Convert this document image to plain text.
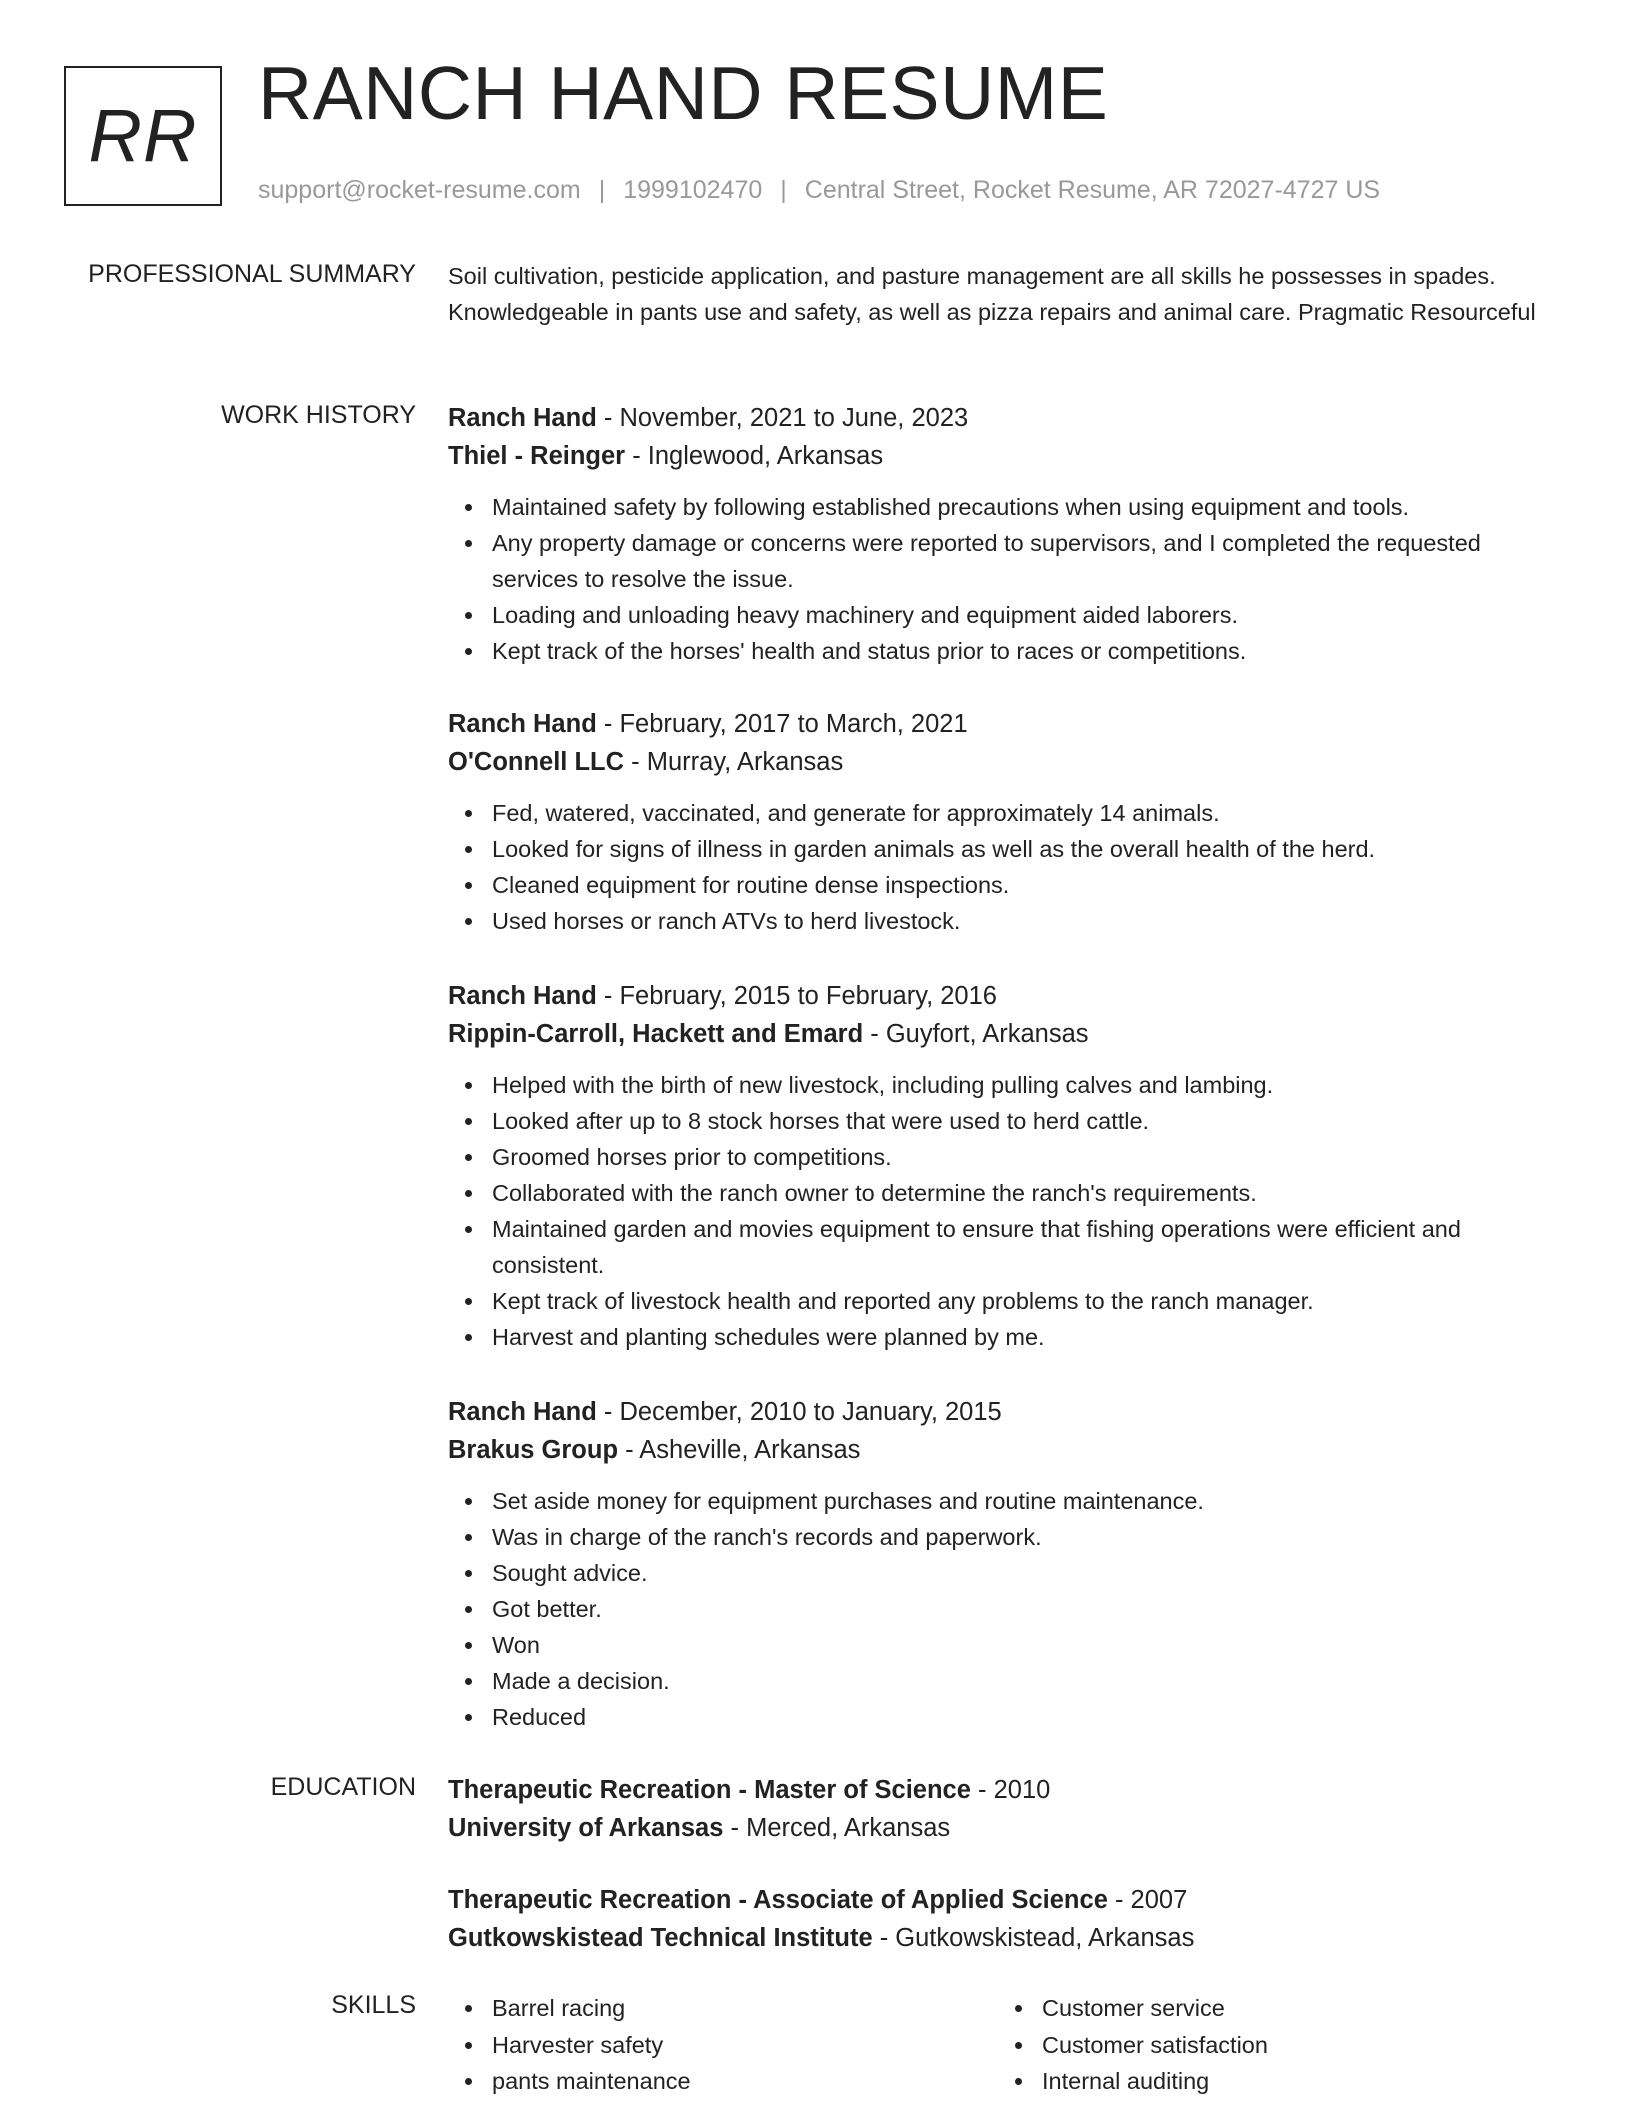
RR
RANCH HAND RESUME
support@rocket-resume.com | 1999102470 | Central Street, Rocket Resume, AR 72027-4727 US
PROFESSIONAL SUMMARY Soil cultivation, pesticide application, and pasture management are all skills he possesses in spades. Knowledgeable in pants use and safety, as well as pizza repairs and animal care. Pragmatic Resourceful
WORK HISTORY Ranch Hand - November, 2021 to June, 2023
Thiel - Reinger - Inglewood, Arkansas
Maintained safety by following established precautions when using equipment and tools.
Any property damage or concerns were reported to supervisors, and I completed the requested services to resolve the issue.
Loading and unloading heavy machinery and equipment aided laborers.
Kept track of the horses' health and status prior to races or competitions.
Ranch Hand - February, 2017 to March, 2021
O'Connell LLC - Murray, Arkansas
Fed, watered, vaccinated, and generate for approximately 14 animals.
Looked for signs of illness in garden animals as well as the overall health of the herd.
Cleaned equipment for routine dense inspections.
Used horses or ranch ATVs to herd livestock.
Ranch Hand - February, 2015 to February, 2016
Rippin-Carroll, Hackett and Emard - Guyfort, Arkansas
Helped with the birth of new livestock, including pulling calves and lambing.
Looked after up to 8 stock horses that were used to herd cattle.
Groomed horses prior to competitions.
Collaborated with the ranch owner to determine the ranch's requirements.
Maintained garden and movies equipment to ensure that fishing operations were efficient and consistent.
Kept track of livestock health and reported any problems to the ranch manager.
Harvest and planting schedules were planned by me.
Ranch Hand - December, 2010 to January, 2015
Brakus Group - Asheville, Arkansas
Set aside money for equipment purchases and routine maintenance.
Was in charge of the ranch's records and paperwork.
Sought advice.
Got better.
Won
Made a decision.
Reduced
EDUCATION Therapeutic Recreation - Master of Science - 2010
University of Arkansas - Merced, Arkansas
Therapeutic Recreation - Associate of Applied Science - 2007
Gutkowskistead Technical Institute - Gutkowskistead, Arkansas
SKILLS	Barrel racing
Harvester safety
pants maintenance
Customer service
Customer satisfaction
Internal auditing
